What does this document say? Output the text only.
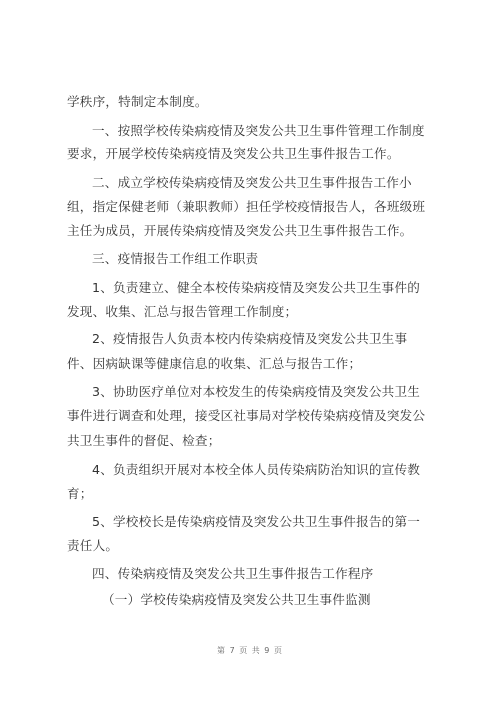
学秩序，特制定本制度。
一、按照学校传染病疫情及突发公共卫生事件管理工作制度
要求，开展学校传染病疫情及突发公共卫生事件报告工作。
二、成立学校传染病疫情及突发公共卫生事件报告工作小
组，指定保健老师（兼职教师）担任学校疫情报告人，各班级班
主任为成员，开展传染病疫情及突发公共卫生事件报告工作。
三、疫情报告工作组工作职责
1、负责建立、健全本校传染病疫情及突发公共卫生事件的
发现、收集、汇总与报告管理工作制度；
2、疫情报告人负责本校内传染病疫情及突发公共卫生事
件、因病缺课等健康信息的收集、汇总与报告工作；
3、协助医疗单位对本校发生的传染病疫情及突发公共卫生
事件进行调查和处理，接受区社事局对学校传染病疫情及突发公
共卫生事件的督促、检查；
4、负责组织开展对本校全体人员传染病防治知识的宣传教
育；
5、学校校长是传染病疫情及突发公共卫生事件报告的第一
责任人。
四、传染病疫情及突发公共卫生事件报告工作程序
（一）学校传染病疫情及突发公共卫生事件监测
第 7 页 共 9 页
